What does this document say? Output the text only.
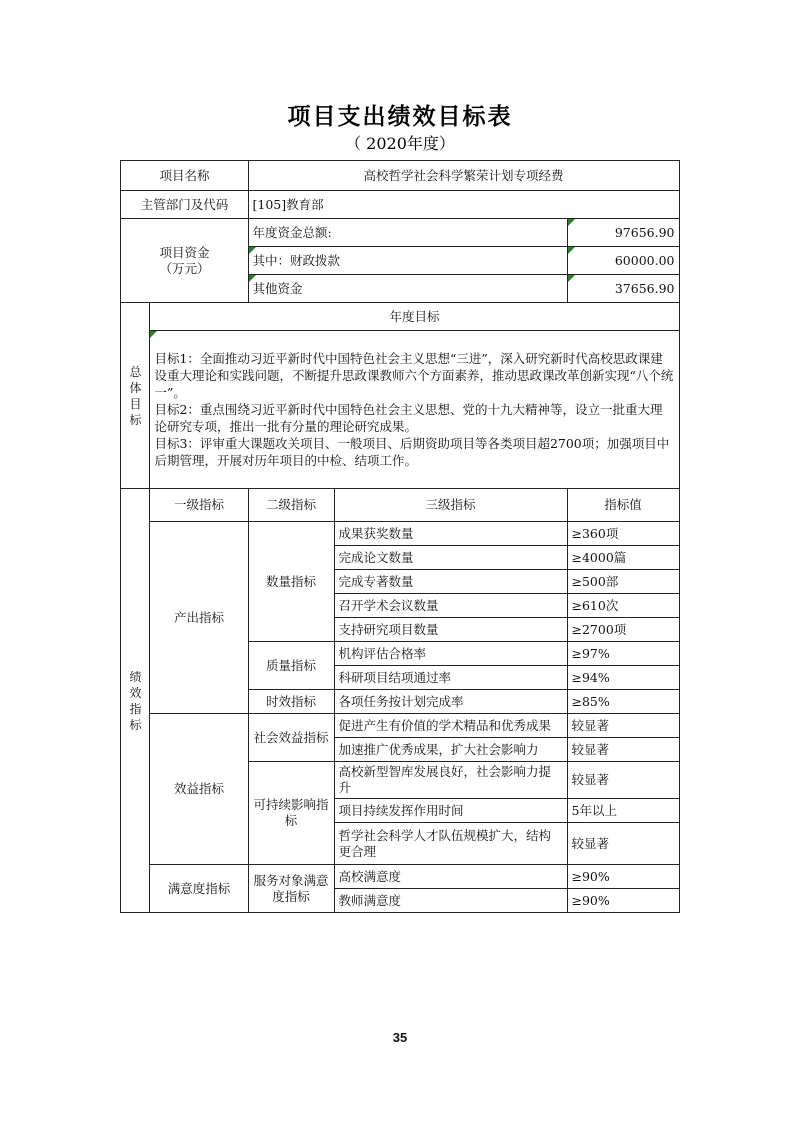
项目支出绩效目标表
（ 2020年度）
项目名称		高校哲学社会科学繁荣计划专项经费		
主管部门及代码		[105]教育部		

项目资金
（万元）		年度资金总额:		97656.90

其中：财政拨款		60000.00

其他资金		37656.90
总体目标	年度目标			

	目标1：全面推动习近平新时代中国特色社会主义思想“三进”，深入研究新时代高校思政课建设重大理论和实践问题，不断提升思政课教师六个方面素养，推动思政课改革创新实现“八个统一”。
目标2：重点围绕习近平新时代中国特色社会主义思想、党的十九大精神等，设立一批重大理论研究专项，推出一批有分量的理论研究成果。
目标3：评审重大课题攻关项目、一般项目、后期资助项目等各类项目超2700项；加强项目中后期管理，开展对历年项目的中检、结项工作。			

绩效指标	一级指标	二级指标	三级指标	指标值
	产出指标	数量指标	成果获奖数量	≥360项
			完成论文数量	≥4000篇
			完成专著数量	≥500部
			召开学术会议数量	≥610次
			支持研究项目数量	≥2700项
		质量指标	机构评估合格率	≥97%
			科研项目结项通过率	≥94%
		时效指标	各项任务按计划完成率	≥85%
	效益指标	社会效益指标	促进产生有价值的学术精品和优秀成果	较显著
			加速推广优秀成果，扩大社会影响力	较显著
		可持续影响指标	高校新型智库发展良好，社会影响力提升	较显著
			项目持续发挥作用时间	5年以上
			哲学社会科学人才队伍规模扩大，结构更合理	较显著
	满意度指标	服务对象满意度指标	高校满意度	≥90%
			教师满意度	≥90%
35
